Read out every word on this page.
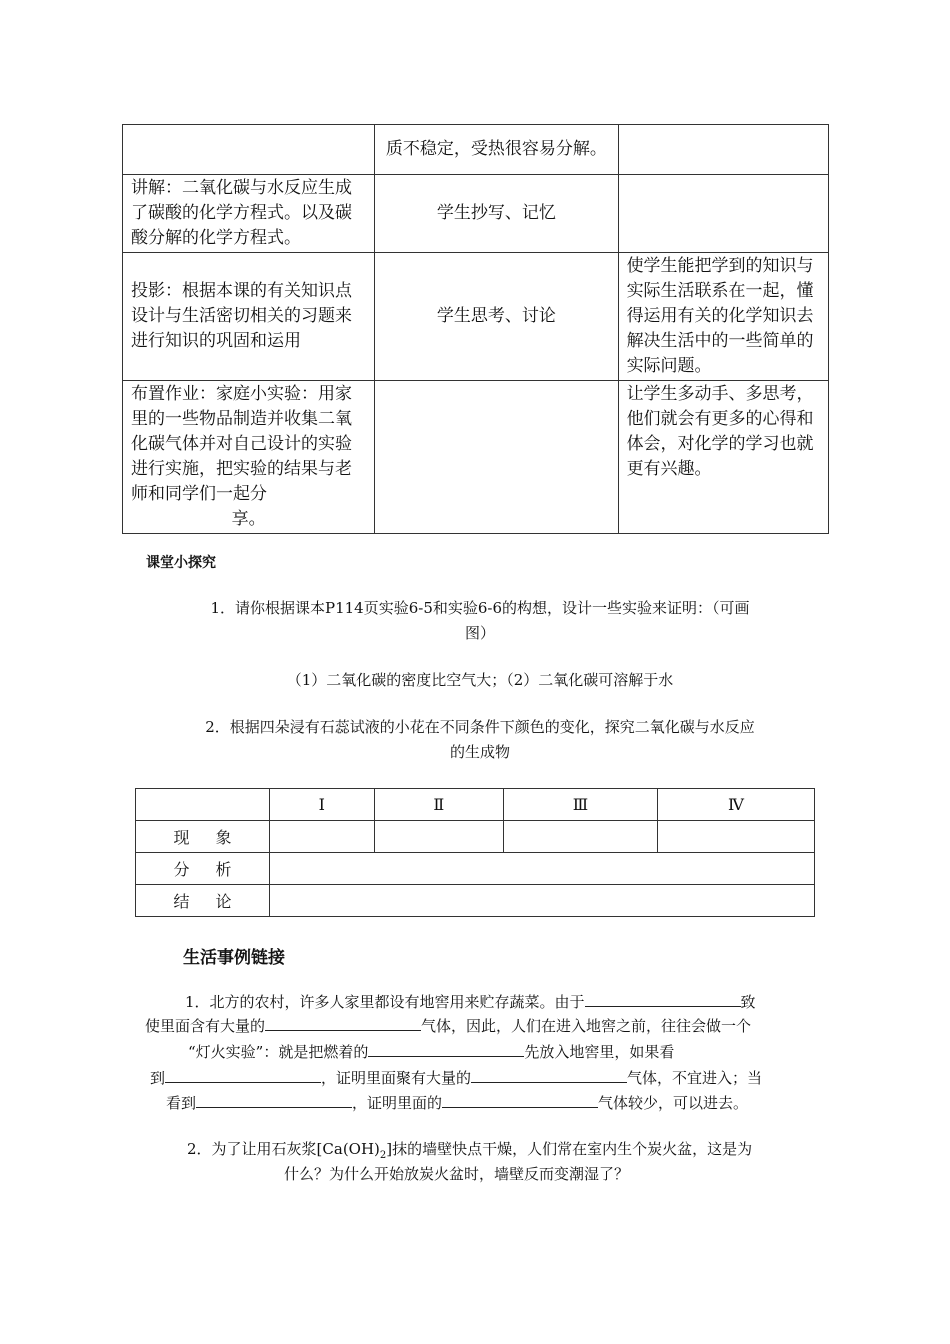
	质不稳定，受热很容易分解。	
讲解：二氧化碳与水反应生成了碳酸的化学方程式。以及碳酸分解的化学方程式。	学生抄写、记忆	
投影：根据本课的有关知识点设计与生活密切相关的习题来进行知识的巩固和运用	学生思考、讨论	使学生能把学到的知识与实际生活联系在一起，懂得运用有关的化学知识去解决生活中的一些简单的实际问题。
布置作业：家庭小实验：用家里的一些物品制造并收集二氧化碳气体并对自己设计的实验进行实施，把实验的结果与老师和同学们一起分
享。		让学生多动手、多思考，他们就会有更多的心得和体会，对化学的学习也就更有兴趣。
课堂小探究
1．请你根据课本P114页实验6-5和实验6-6的构想，设计一些实验来证明：（可画
图）
（1）二氧化碳的密度比空气大；（2）二氧化碳可溶解于水
2．根据四朵浸有石蕊试液的小花在不同条件下颜色的变化，探究二氧化碳与水反应
的生成物
	Ⅰ	Ⅱ	Ⅲ	Ⅳ
现象				
分析				
结论				
生活事例链接
1．北方的农村，许多人家里都设有地窖用来贮存蔬菜。由于	致
使里面含有大量的	气体，因此，人们在进入地窖之前，往往会做一个
“灯火实验”：就是把燃着的	先放入地窖里，如果看
到	，证明里面聚有大量的	气体，不宜进入；当
看到	，证明里面的	气体较少，可以进去。
2．为了让用石灰浆$[Ca(OH)_2]$抹的墙壁快点干燥，人们常在室内生个炭火盆，这是为
什么？为什么开始放炭火盆时，墙壁反而变潮湿了？
